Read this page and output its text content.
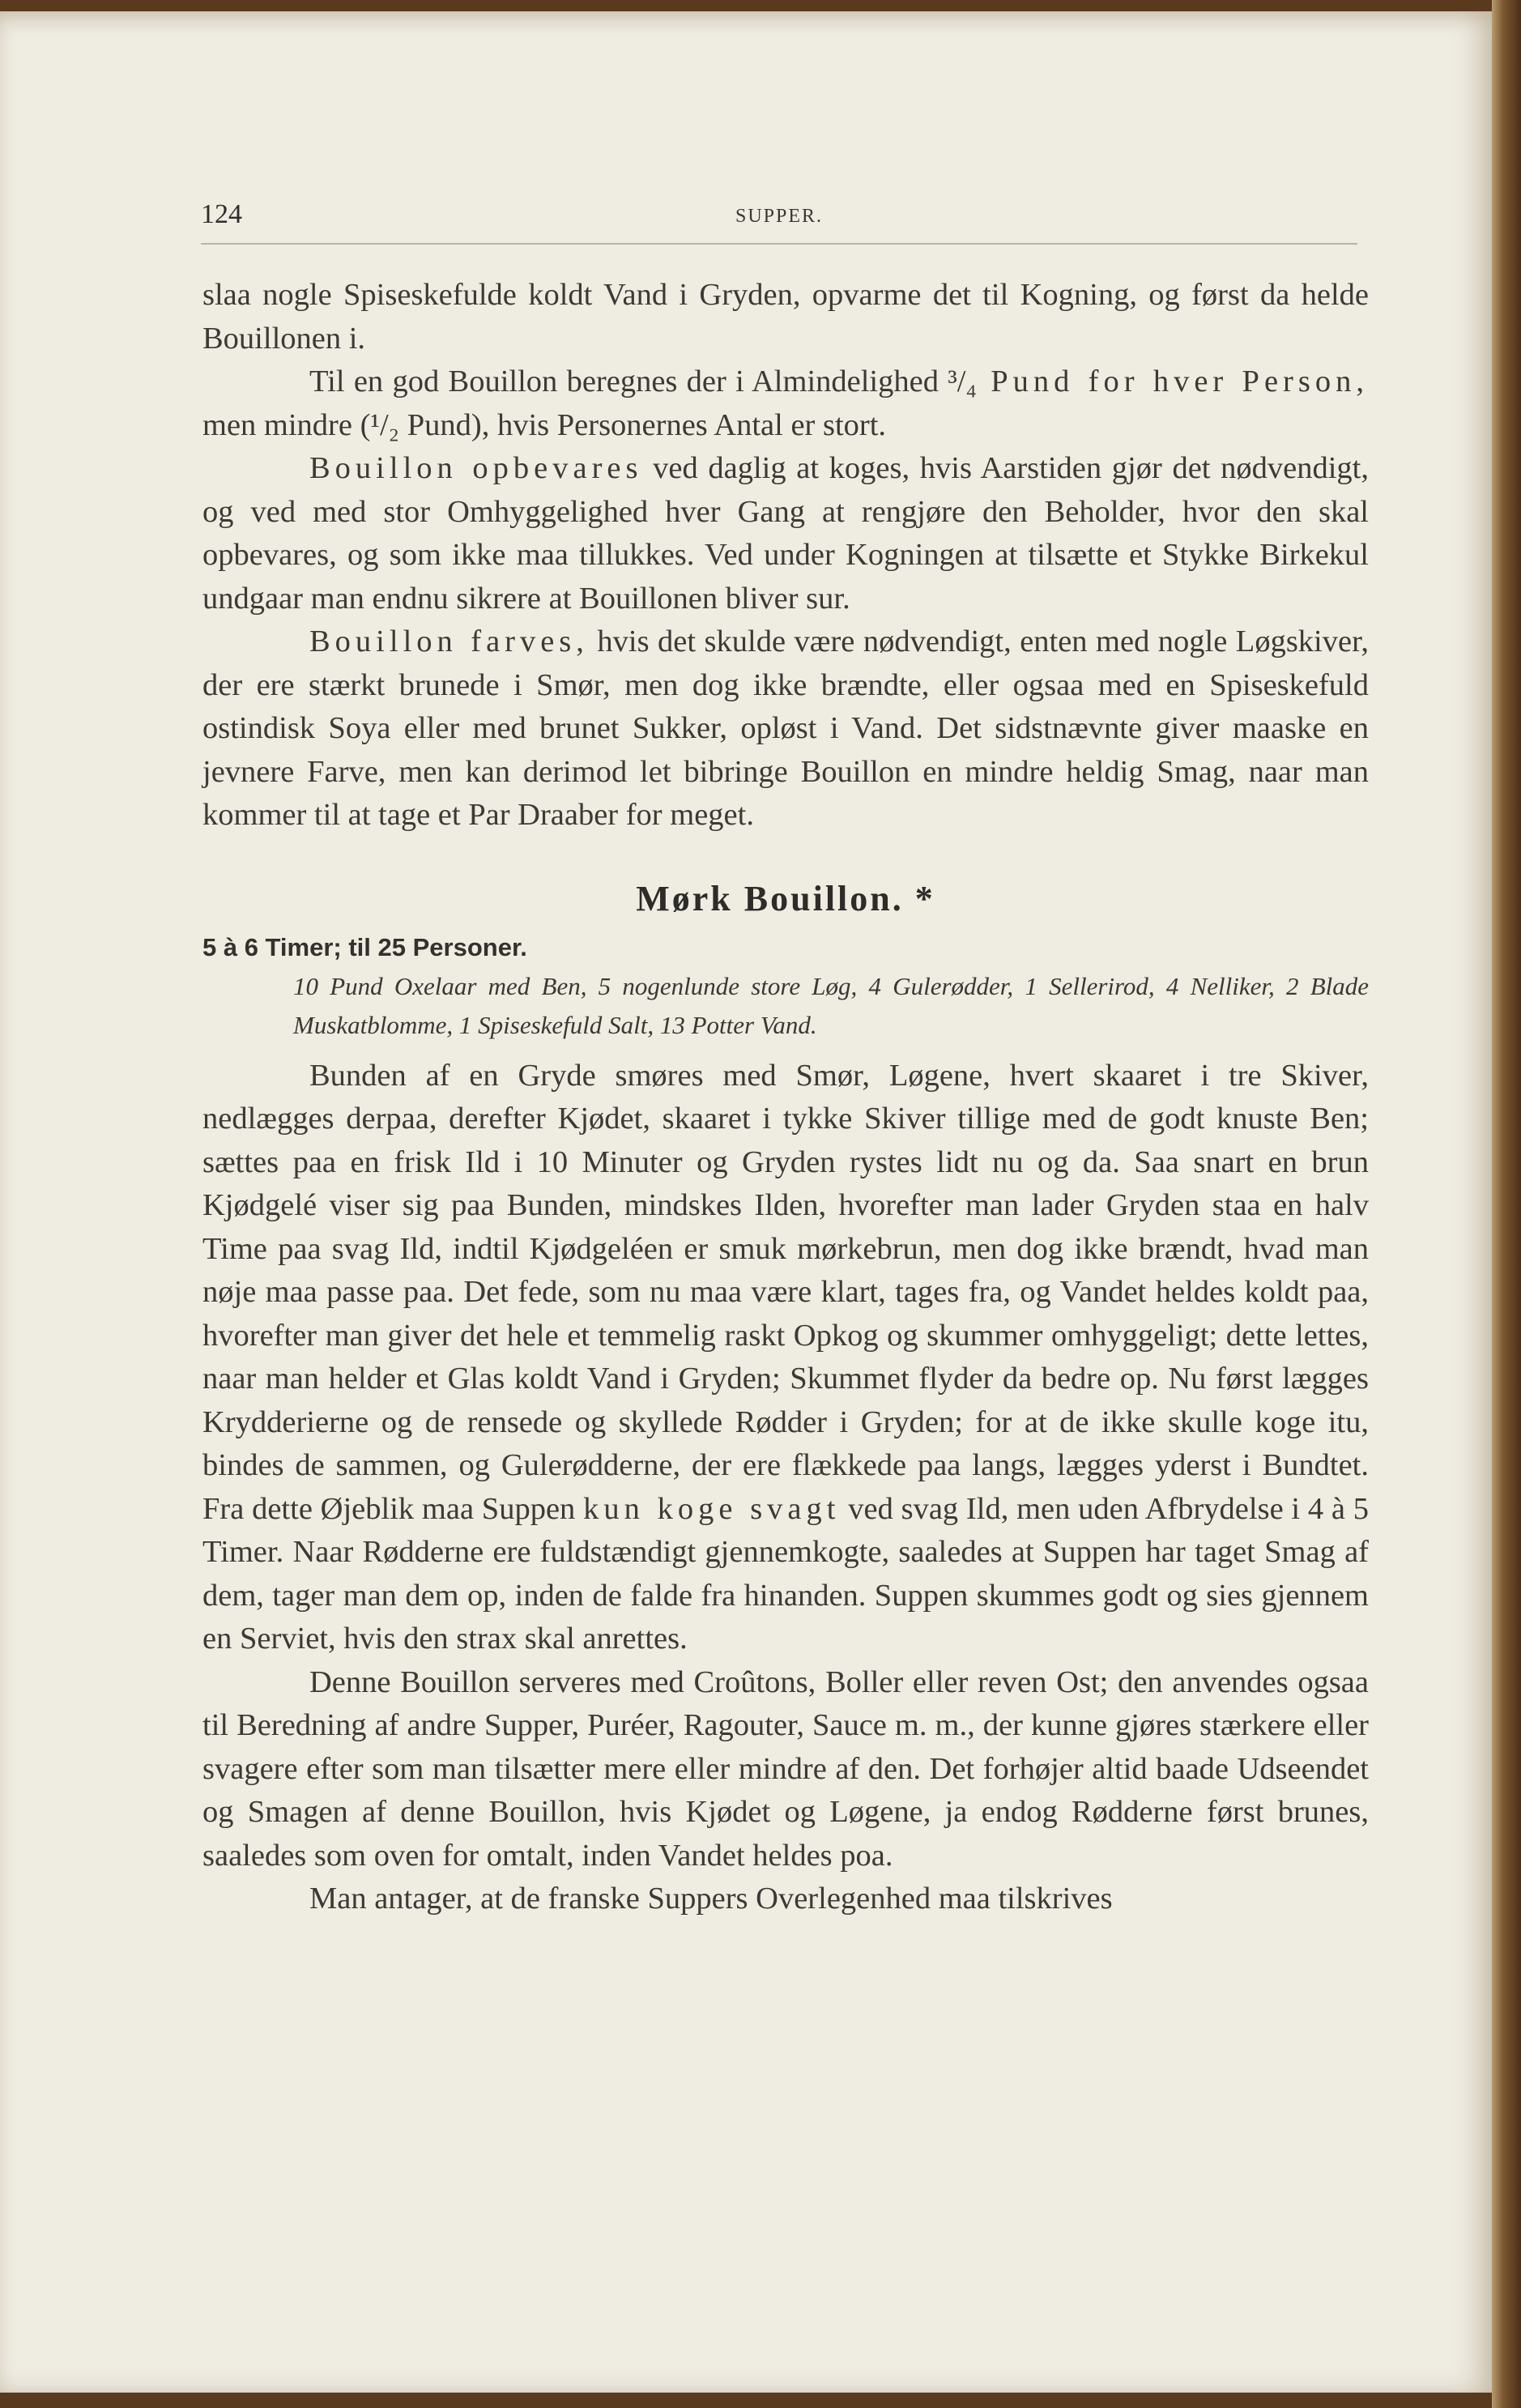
124	SUPPER.

slaa nogle Spiseskefulde koldt Vand i Gryden, opvarme det til Kogning, og først da helde Bouillonen i.

Til en god Bouillon beregnes der i Almindelighed ³/₄ Pund for hver Person, men mindre (¹/₂ Pund), hvis Personernes Antal er stort.

Bouillon opbevares ved daglig at koges, hvis Aarstiden gjør det nødvendigt, og ved med stor Omhyggelighed hver Gang at rengjøre den Beholder, hvor den skal opbevares, og som ikke maa tillukkes. Ved under Kogningen at tilsætte et Stykke Birkekul undgaar man endnu sikrere at Bouillonen bliver sur.

Bouillon farves, hvis det skulde være nødvendigt, enten med nogle Løgskiver, der ere stærkt brunede i Smør, men dog ikke brændte, eller ogsaa med en Spiseskefuld ostindisk Soya eller med brunet Sukker, opløst i Vand. Det sidstnævnte giver maaske en jevnere Farve, men kan derimod let bibringe Bouillon en mindre heldig Smag, naar man kommer til at tage et Par Draaber for meget.

Mørk Bouillon. *
5 à 6 Timer; til 25 Personer.
10 Pund Oxelaar med Ben, 5 nogenlunde store Løg, 4 Gulerødder, 1 Sellerirod, 4 Nelliker, 2 Blade Muskatblomme, 1 Spiseskefuld Salt, 13 Potter Vand.

Bunden af en Gryde smøres med Smør, Løgene, hvert skaaret i tre Skiver, nedlægges derpaa, derefter Kjødet, skaaret i tykke Skiver tillige med de godt knuste Ben; sættes paa en frisk Ild i 10 Minuter og Gryden rystes lidt nu og da. Saa snart en brun Kjødgelé viser sig paa Bunden, mindskes Ilden, hvorefter man lader Gryden staa en halv Time paa svag Ild, indtil Kjødgeléen er smuk mørkebrun, men dog ikke brændt, hvad man nøje maa passe paa. Det fede, som nu maa være klart, tages fra, og Vandet heldes koldt paa, hvorefter man giver det hele et temmelig raskt Opkog og skummer omhyggeligt; dette lettes, naar man helder et Glas koldt Vand i Gryden; Skummet flyder da bedre op. Nu først lægges Krydderierne og de rensede og skyllede Rødder i Gryden; for at de ikke skulle koge itu, bindes de sammen, og Gulerødderne, der ere flækkede paa langs, lægges yderst i Bundtet. Fra dette Øjeblik maa Suppen kun koge svagt ved svag Ild, men uden Afbrydelse i 4 à 5 Timer. Naar Rødderne ere fuldstændigt gjennemkogte, saaledes at Suppen har taget Smag af dem, tager man dem op, inden de falde fra hinanden. Suppen skummes godt og sies gjennem en Serviet, hvis den strax skal anrettes.

Denne Bouillon serveres med Croûtons, Boller eller reven Ost; den anvendes ogsaa til Beredning af andre Supper, Puréer, Ragouter, Sauce m. m., der kunne gjøres stærkere eller svagere efter som man tilsætter mere eller mindre af den. Det forhøjer altid baade Udseendet og Smagen af denne Bouillon, hvis Kjødet og Løgene, ja endog Rødderne først brunes, saaledes som oven for omtalt, inden Vandet heldes poa.

Man antager, at de franske Suppers Overlegenhed maa tilskrives
